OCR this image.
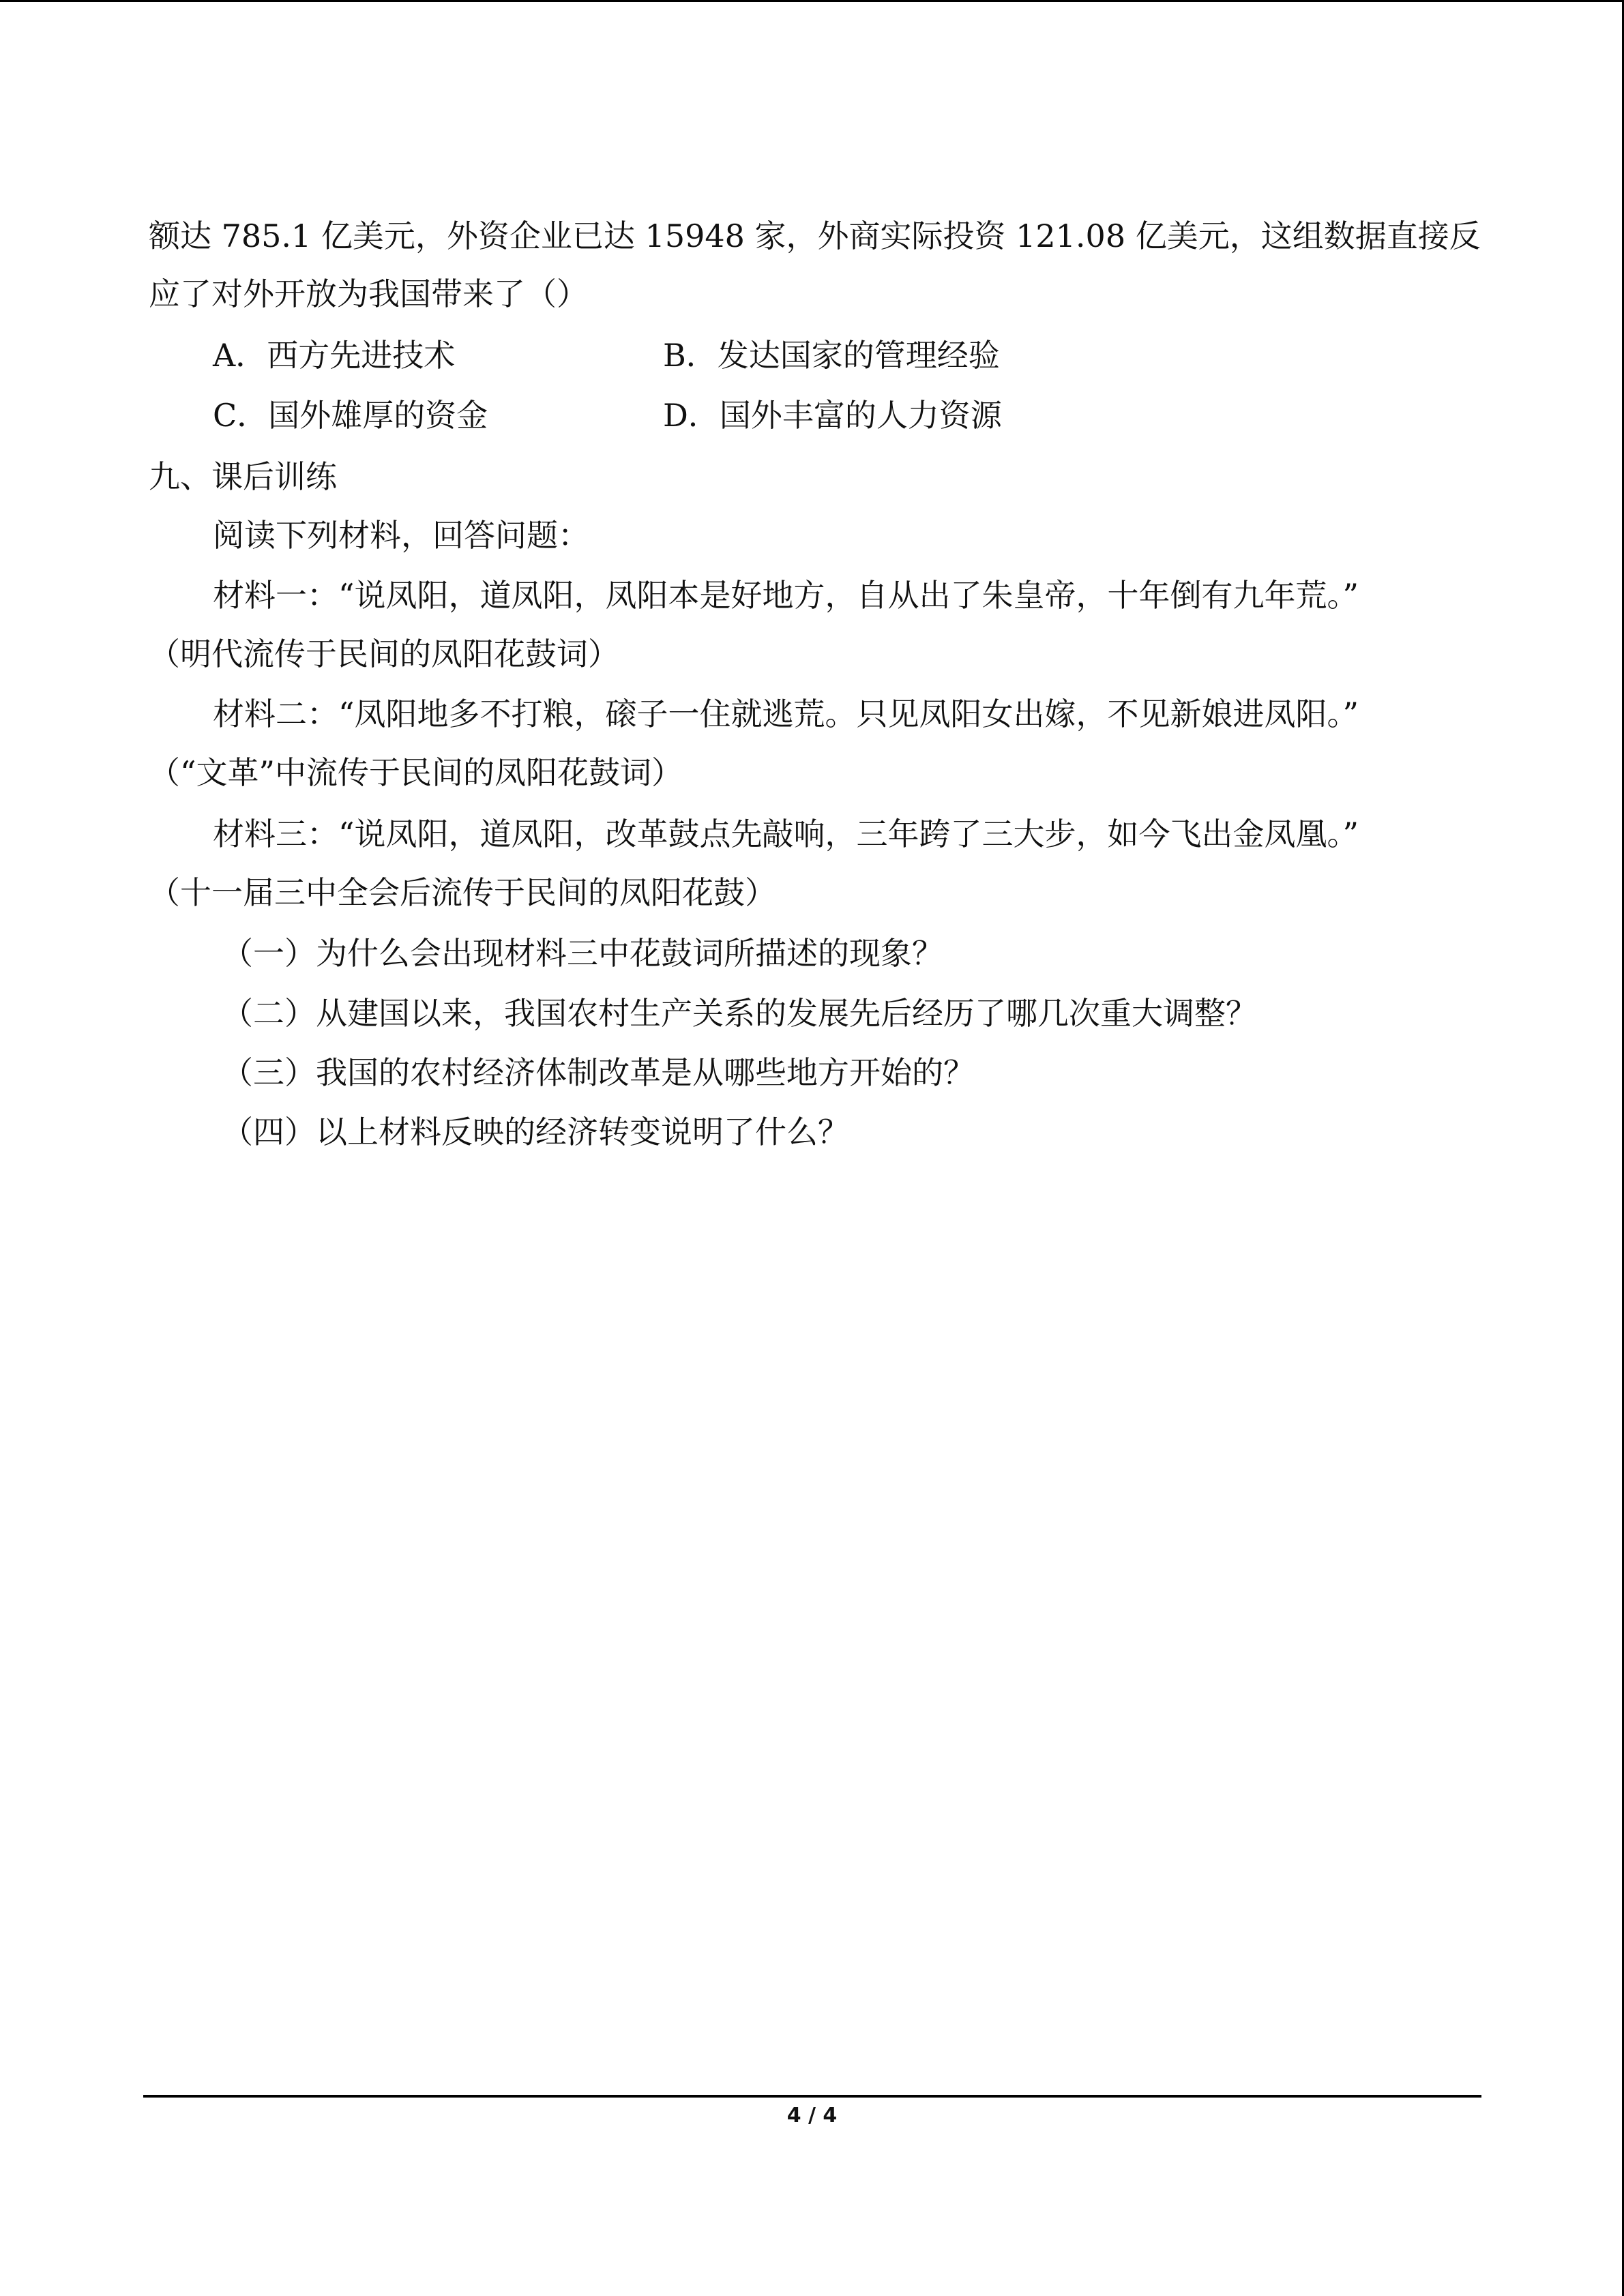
额达 785.1 亿美元，外资企业已达 15948 家，外商实际投资 121.08 亿美元，这组数据直接反

应了对外开放为我国带来了（）

A．西方先进技术	B．发达国家的管理经验

C．国外雄厚的资金	D．国外丰富的人力资源

九、课后训练

阅读下列材料，回答问题：

材料一：“说凤阳，道凤阳，凤阳本是好地方，自从出了朱皇帝，十年倒有九年荒。”

（明代流传于民间的凤阳花鼓词）

材料二：“凤阳地多不打粮，磙子一住就逃荒。只见凤阳女出嫁，不见新娘进凤阳。”

（“文革”中流传于民间的凤阳花鼓词）

材料三：“说凤阳，道凤阳，改革鼓点先敲响，三年跨了三大步，如今飞出金凤凰。”

（十一届三中全会后流传于民间的凤阳花鼓）

（一）为什么会出现材料三中花鼓词所描述的现象？

（二）从建国以来，我国农村生产关系的发展先后经历了哪几次重大调整？

（三）我国的农村经济体制改革是从哪些地方开始的？

（四）以上材料反映的经济转变说明了什么？

4 / 4
